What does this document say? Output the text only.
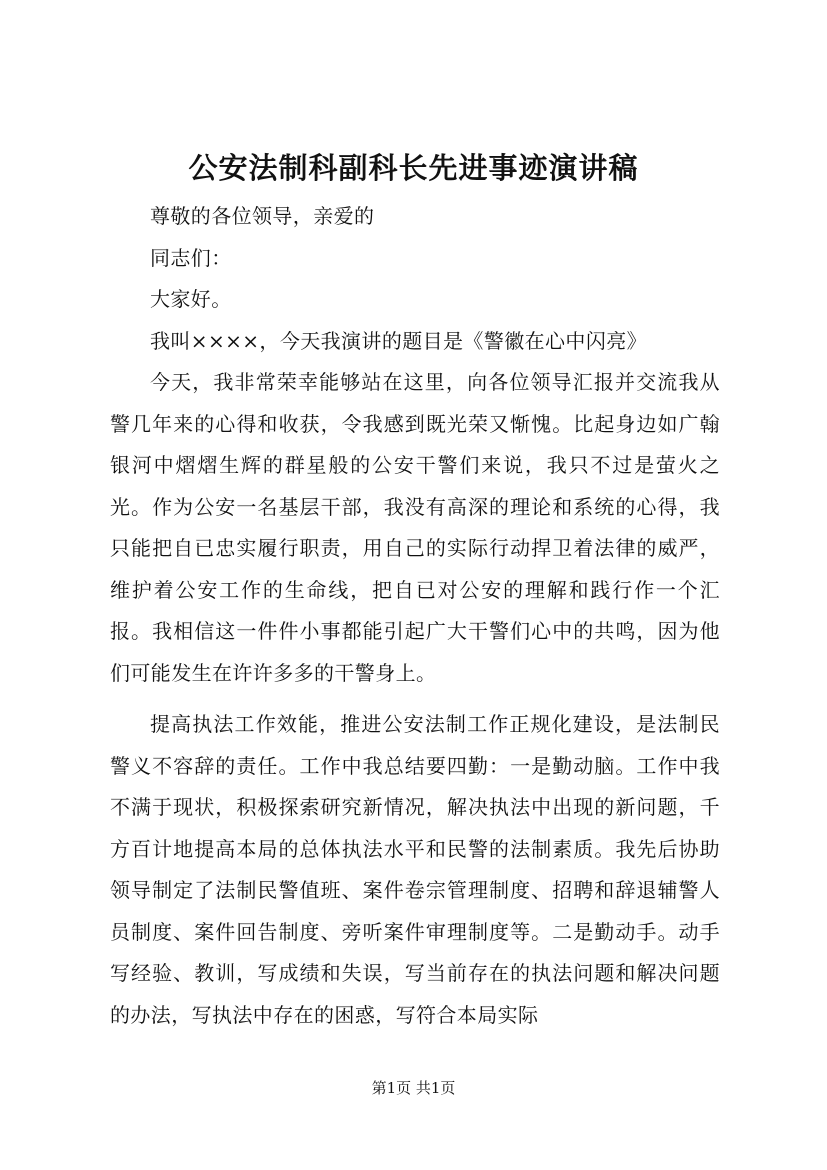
公安法制科副科长先进事迹演讲稿

尊敬的各位领导，亲爱的

同志们：

大家好。

我叫××××，今天我演讲的题目是《警徽在心中闪亮》

今天，我非常荣幸能够站在这里，向各位领导汇报并交流我从警几年来的心得和收获，令我感到既光荣又惭愧。比起身边如广翰银河中熠熠生辉的群星般的公安干警们来说，我只不过是萤火之光。作为公安一名基层干部，我没有高深的理论和系统的心得，我只能把自已忠实履行职责，用自己的实际行动捍卫着法律的威严，维护着公安工作的生命线，把自已对公安的理解和践行作一个汇报。我相信这一件件小事都能引起广大干警们心中的共鸣，因为他们可能发生在许许多多的干警身上。

提高执法工作效能，推进公安法制工作正规化建设，是法制民警义不容辞的责任。工作中我总结要四勤：一是勤动脑。工作中我不满于现状，积极探索研究新情况，解决执法中出现的新问题，千方百计地提高本局的总体执法水平和民警的法制素质。我先后协助领导制定了法制民警值班、案件卷宗管理制度、招聘和辞退辅警人员制度、案件回告制度、旁听案件审理制度等。二是勤动手。动手写经验、教训，写成绩和失误，写当前存在的执法问题和解决问题的办法，写执法中存在的困惑，写符合本局实际

第1页 共1页
